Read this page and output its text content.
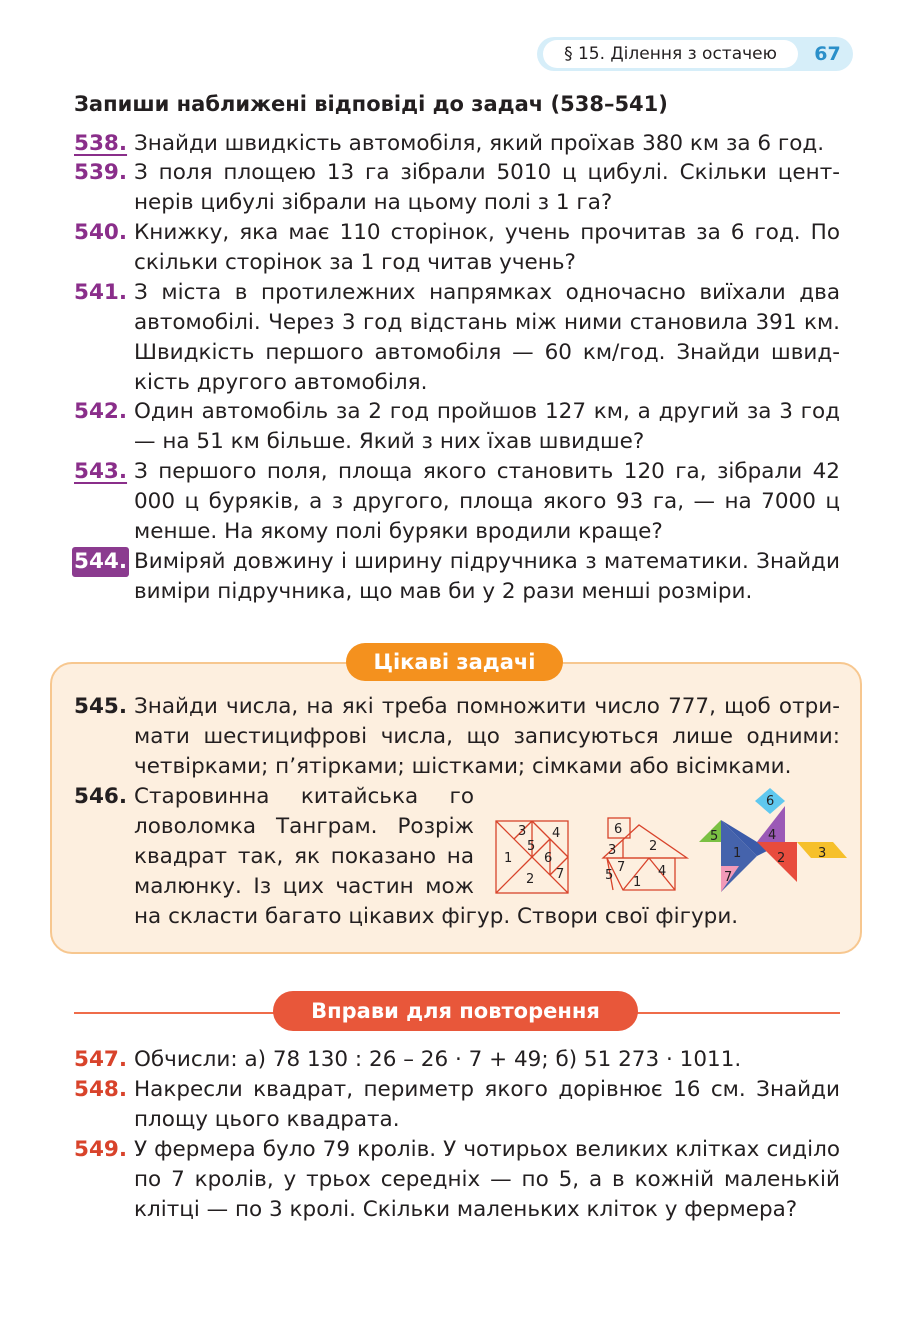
§ 15. Ділення з остачею	67
Запиши наближені відповіді до задач (538–541)
538. Знайди швидкість автомобіля, який проїхав 380 км за 6 год.
539. З поля площею 13 га зібрали 5010 ц цибулі. Скільки центнерів цибулі зібрали на цьому полі з 1 га?
540. Книжку, яка має 110 сторінок, учень прочитав за 6 год. По скільки сторінок за 1 год читав учень?
541. З міста в протилежних напрямках одночасно виїхали два автомобілі. Через 3 год відстань між ними становила 391 км. Швидкість першого автомобіля — 60 км/год. Знайди швидкість другого автомобіля.
542. Один автомобіль за 2 год пройшов 127 км, а другий за 3 год — на 51 км більше. Який з них їхав швидше?
543. З першого поля, площа якого становить 120 га, зібрали 42 000 ц буряків, а з другого, площа якого 93 га, — на 7000 ц менше. На якому полі буряки вродили краще?
544. Виміряй довжину і ширину підручника з математики. Знайди виміри підручника, що мав би у 2 рази менші розміри.
Цікаві задачі
545. Знайди числа, на які треба помножити число 777, щоб отримати шестицифрові числа, що записуються лише одними: четвірками; п’ятірками; шістками; сімками або вісімками.
546. Старовинна китайська го
ловоломка Танграм. Розріж
квадрат так, як показано на
малюнку. Із цих частин мож
на скласти багато цікавих фігур. Створи свої фігури.
3 4
5
1 6
2 7
6
3	2
7
5	4
1
6
5	4
1	2	3
7
Вправи для повторення
547. Обчисли: а) 78 130 : 26 – 26 · 7 + 49; б) 51 273 · 1011.
548. Накресли квадрат, периметр якого дорівнює 16 см. Знайди площу цього квадрата.
549. У фермера було 79 кролів. У чотирьох великих клітках сиділо по 7 кролів, у трьох середніх — по 5, а в кожній маленькій клітці — по 3 кролі. Скільки маленьких кліток у фермера?
